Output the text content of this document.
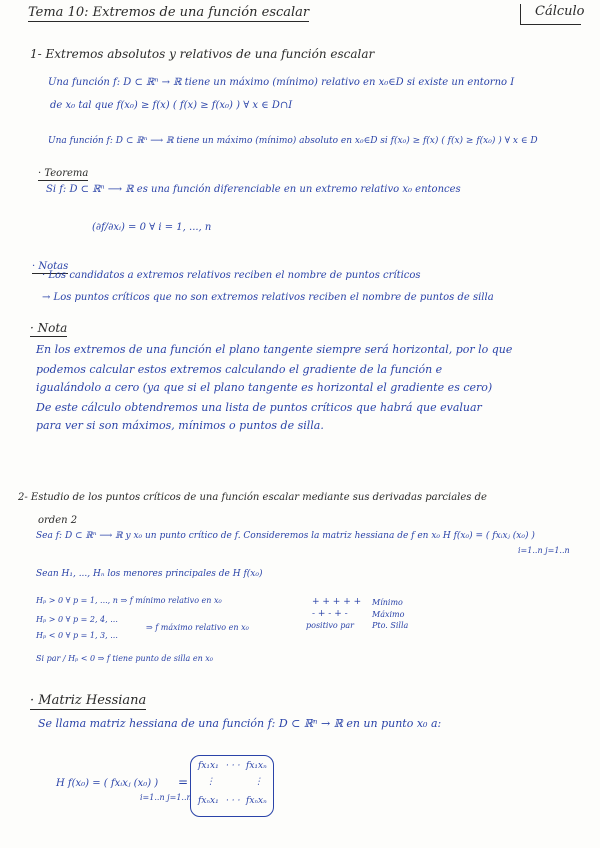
Tema 10: Extremos de una función escalar	Cálculo
1- Extremos absolutos y relativos de una función escalar
Una función f: D ⊂ ℝⁿ → ℝ tiene un máximo (mínimo) relativo en x₀∈D si existe un entorno I
de x₀ tal que f(x₀) ≥ f(x) ( f(x) ≥ f(x₀) ) ∀ x ∈ D∩I
Una función f: D ⊂ ℝⁿ ⟶ ℝ tiene un máximo (mínimo) absoluto en x₀∈D si f(x₀) ≥ f(x) ( f(x) ≥ f(x₀) ) ∀ x ∈ D
· Teorema
Si f: D ⊂ ℝⁿ ⟶ ℝ es una función diferenciable en un extremo relativo x₀ entonces
(∂f/∂xᵢ) = 0 ∀ i = 1, ..., n
· Notas
· Los candidatos a extremos relativos reciben el nombre de puntos críticos
→ Los puntos críticos que no son extremos relativos reciben el nombre de puntos de silla
· Nota
En los extremos de una función el plano tangente siempre será horizontal, por lo que
podemos calcular estos extremos calculando el gradiente de la función e
igualándolo a cero (ya que si el plano tangente es horizontal el gradiente es cero)
De este cálculo obtendremos una lista de puntos críticos que habrá que evaluar
para ver si son máximos, mínimos o puntos de silla.
2- Estudio de los puntos críticos de una función escalar mediante sus derivadas parciales de
orden 2
Sea f: D ⊂ ℝⁿ ⟶ ℝ y x₀ un punto crítico de f. Consideremos la matriz hessiana de f en x₀ H f(x₀) = ( fxᵢxⱼ (x₀) )
i=1..n j=1..n
Sean H₁, ..., Hₙ los menores principales de H f(x₀)
Hₚ > 0 ∀ p = 1, ..., n ⇒ f mínimo relativo en x₀
Hₚ > 0 ∀ p = 2, 4, ...
Hₚ < 0 ∀ p = 1, 3, ...
⇒ f máximo relativo en x₀
Si par / Hₚ < 0 ⇒ f tiene punto de silla en x₀
+ + + + +
- + - + -
positivo par
Mínimo
Máximo
Pto. Silla
· Matriz Hessiana
Se llama matriz hessiana de una función f: D ⊂ ℝⁿ → ℝ en un punto x₀ a:
H f(x₀) = ( fxᵢxⱼ (x₀) )
i=1..n j=1..n
=
fx₁x₁ · · · fx₁xₙ
⋮	⋮
fxₙx₁ · · · fxₙxₙ
